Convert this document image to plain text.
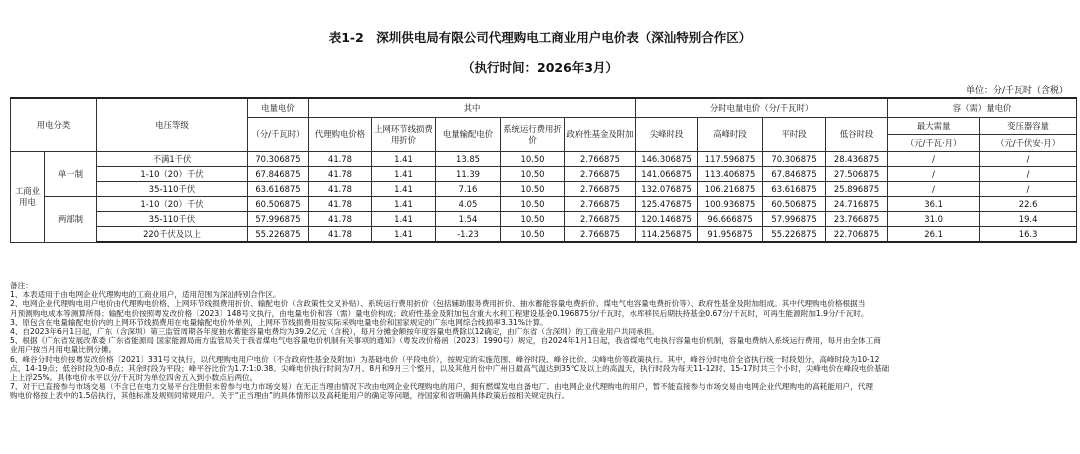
表1-2　深圳供电局有限公司代理购电工商业用户电价表（深汕特别合作区）
（执行时间：2026年3月）
单位：分/千瓦时（含税）
用电分类		电压等级	电量电价	其中					分时电量电价（分/千瓦时）				容（需）量电价	
			（分/千瓦时）	代理购电价格	上网环节线损费用折价	电量输配电价	系统运行费用折价	政府性基金及附加	尖峰时段	高峰时段	平时段	低谷时段	最大需量	变压器容量
													（元/千瓦·月）	（元/千伏安·月）
工商业用电	单一制	不满1千伏	70.306875	41.78	1.41	13.85	10.50	2.766875	146.306875	117.596875	70.306875	28.436875	/	/
		1-10（20）千伏	67.846875	41.78	1.41	11.39	10.50	2.766875	141.066875	113.406875	67.846875	27.506875	/	/
		35-110千伏	63.616875	41.78	1.41	7.16	10.50	2.766875	132.076875	106.216875	63.616875	25.896875	/	/
	两部制	1-10（20）千伏	60.506875	41.78	1.41	4.05	10.50	2.766875	125.476875	100.936875	60.506875	24.716875	36.1	22.6
		35-110千伏	57.996875	41.78	1.41	1.54	10.50	2.766875	120.146875	96.666875	57.996875	23.766875	31.0	19.4
		220千伏及以上	55.226875	41.78	1.41	-1.23	10.50	2.766875	114.256875	91.956875	55.226875	22.706875	26.1	16.3
备注：
1、本表适用于由电网企业代理购电的工商业用户，适用范围为深汕特别合作区。
2、电网企业代理购电用户电价由代理购电价格、上网环节线损费用折价、输配电价（含政策性交叉补贴）、系统运行费用折价（包括辅助服务费用折价、抽水蓄能容量电费折价、煤电气电容量电费折价等）、政府性基金及附加组成。其中代理购电价格根据当
月预测购电成本等测算所得；输配电价按照粤发改价格〔2023〕148号文执行，由电量电价和容（需）量电价构成；政府性基金及附加包含重大水利工程建设基金0.196875分/千瓦时，水库移民后期扶持基金0.67分/千瓦时，可再生能源附加1.9分/千瓦时。
3、原包含在电量输配电价内的上网环节线损费用在电量输配电价外单列，上网环节线损费用按实际采购电量电价和国家规定的广东电网综合线损率3.31%计算。
4、自2023年6月1日起，广东（含深圳）第三监管周期各年度抽水蓄能容量电费均为39.2亿元（含税），每月分摊金额按年度容量电费除以12确定，由广东省（含深圳）的工商业用户共同承担。
5、根据《广东省发展改革委 广东省能源局 国家能源局南方监管局关于我省煤电气电容量电价机制有关事项的通知》（粤发改价格函〔2023〕1990号）规定，自2024年1月1日起，我省煤电气电执行容量电价机制，容量电费纳入系统运行费用，每月由全体工商
业用户按当月用电量比例分摊。
6、峰谷分时电价按粤发改价格〔2021〕331号文执行，以代理购电用户电价（不含政府性基金及附加）为基础电价（平段电价），按规定的实施范围、峰谷时段、峰谷比价、尖峰电价等政策执行。其中，峰谷分时电价全省执行统一时段划分，高峰时段为10-12
点、14-19点；低谷时段为0-8点；其余时段为平段；峰平谷比价为1.7:1:0.38。尖峰电价执行时间为7月、8月和9月三个整月，以及其他月份中广州日最高气温达到35℃及以上的高温天，执行时段为每天11-12时、15-17时共三个小时，尖峰电价在峰段电价基础
上上浮25%。具体电价水平以分/千瓦时为单位四舍五入到小数点后两位。
7、对于已直接参与市场交易（不含已在电力交易平台注册但未曾参与电力市场交易）在无正当理由情况下改由电网企业代理购电的用户，拥有燃煤发电自备电厂、由电网企业代理购电的用户，暂不能直接参与市场交易由电网企业代理购电的高耗能用户，代理
购电价格按上表中的1.5倍执行，其他标准及规则同常规用户。关于“正当理由”的具体情形以及高耗能用户的确定等问题，待国家和省明确具体政策后按相关规定执行。
